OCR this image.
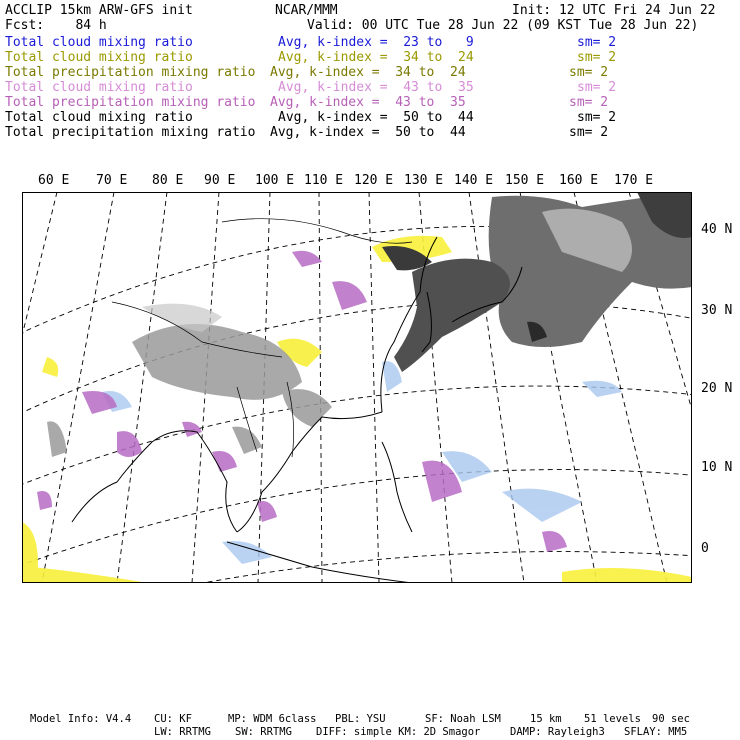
ACCLIP 15km ARW-GFS init	NCAR/MMM	Init: 12 UTC Fri 24 Jun 22
Fcst:    84 h	Valid: 00 UTC Tue 28 Jun 22 (09 KST Tue 28 Jun 22)
Total cloud mixing ratio	Avg, k-index =  23 to   9	sm= 2
Total cloud mixing ratio	Avg, k-index =  34 to  24	sm= 2
Total precipitation mixing ratio Avg, k-index =  34 to  24	sm= 2
Total cloud mixing ratio	Avg, k-index =  43 to  35	sm= 2
Total precipitation mixing ratio Avg, k-index =  43 to  35	sm= 2
Total cloud mixing ratio	Avg, k-index =  50 to  44	sm= 2
Total precipitation mixing ratio Avg, k-index =  50 to  44	sm= 2
60 E 70 E 80 E 90 E 100 E 110 E 120 E 130 E 140 E 150 E 160 E 170 E
40 N
30 N
20 N
10 N
0
Model Info: V4.4 CU: KF	MP: WDM 6class PBL: YSU	SF: Noah LSM	15 km 51 levels 90 sec
LW: RRTMG SW: RRTMG DIFF: simple KM: 2D Smagor	DAMP: Rayleigh3 SFLAY: MM5
